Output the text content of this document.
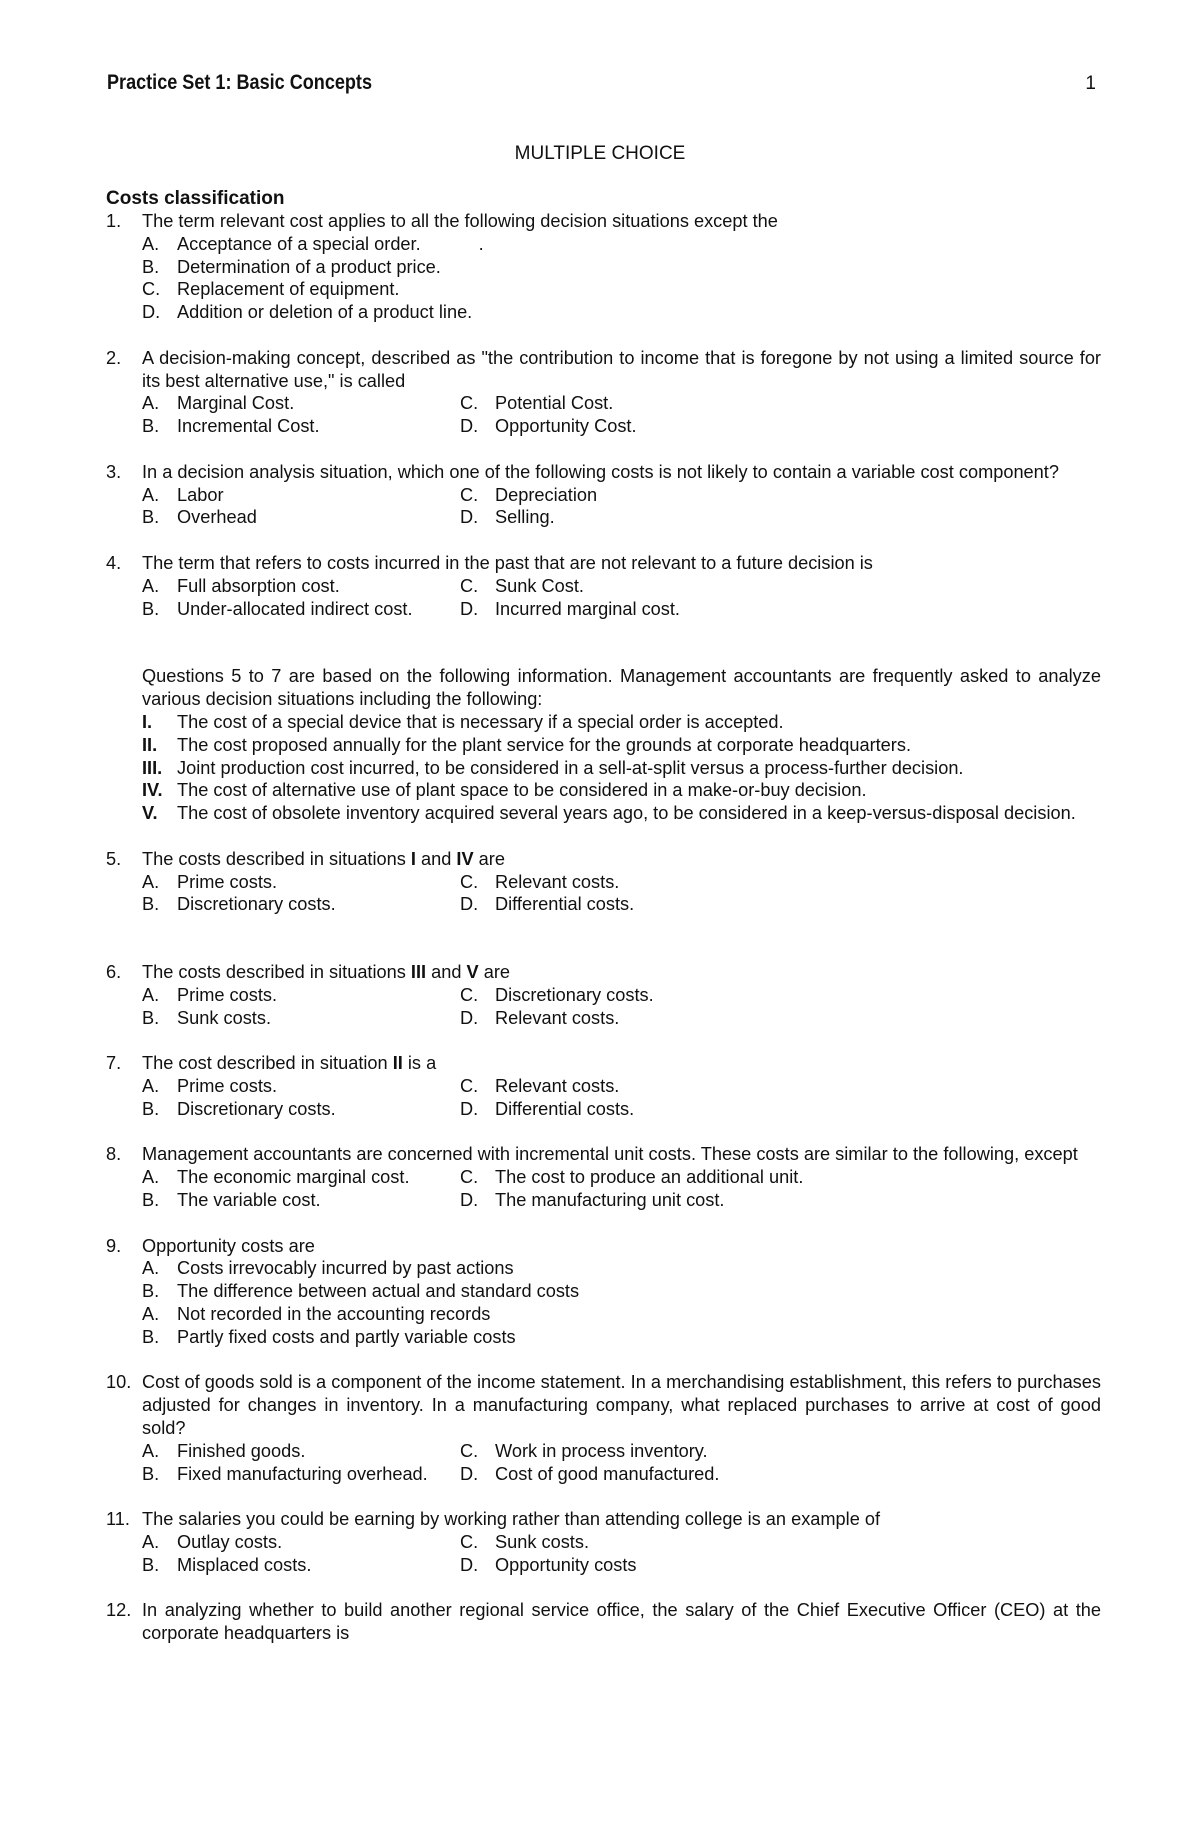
Practice Set 1: Basic Concepts	1
MULTIPLE CHOICE
Costs classification
1. The term relevant cost applies to all the following decision situations except the
A. Acceptance of a special order.	.
B. Determination of a product price.
C. Replacement of equipment.
D. Addition or deletion of a product line.
2. A decision-making concept, described as "the contribution to income that is foregone by not using a limited source for its best alternative use," is called
A. Marginal Cost.	C. Potential Cost.
B. Incremental Cost.	D. Opportunity Cost.
3. In a decision analysis situation, which one of the following costs is not likely to contain a variable cost component?
A. Labor	C. Depreciation
B. Overhead	D. Selling.
4. The term that refers to costs incurred in the past that are not relevant to a future decision is
A. Full absorption cost.	C. Sunk Cost.
B. Under-allocated indirect cost.	D. Incurred marginal cost.
Questions 5 to 7 are based on the following information. Management accountants are frequently asked to analyze various decision situations including the following:
I.	The cost of a special device that is necessary if a special order is accepted.
II.	The cost proposed annually for the plant service for the grounds at corporate headquarters.
III. Joint production cost incurred, to be considered in a sell-at-split versus a process-further decision.
IV. The cost of alternative use of plant space to be considered in a make-or-buy decision.
V.	The cost of obsolete inventory acquired several years ago, to be considered in a keep-versus-disposal decision.
5. The costs described in situations I and IV are
A. Prime costs.	C. Relevant costs.
B. Discretionary costs.	D. Differential costs.
6. The costs described in situations III and V are
A. Prime costs.	C. Discretionary costs.
B. Sunk costs.	D. Relevant costs.
7. The cost described in situation II is a
A. Prime costs.	C. Relevant costs.
B. Discretionary costs.	D. Differential costs.
8. Management accountants are concerned with incremental unit costs. These costs are similar to the following, except
A. The economic marginal cost.	C. The cost to produce an additional unit.
B. The variable cost.	D. The manufacturing unit cost.
9. Opportunity costs are
A. Costs irrevocably incurred by past actions
B. The difference between actual and standard costs
A. Not recorded in the accounting records
B. Partly fixed costs and partly variable costs
10. Cost of goods sold is a component of the income statement. In a merchandising establishment, this refers to purchases adjusted for changes in inventory. In a manufacturing company, what replaced purchases to arrive at cost of good sold?
A. Finished goods.	C. Work in process inventory.
B. Fixed manufacturing overhead. D. Cost of good manufactured.
11. The salaries you could be earning by working rather than attending college is an example of
A. Outlay costs.	C. Sunk costs.
B. Misplaced costs.	D. Opportunity costs
12. In analyzing whether to build another regional service office, the salary of the Chief Executive Officer (CEO) at the corporate headquarters is
